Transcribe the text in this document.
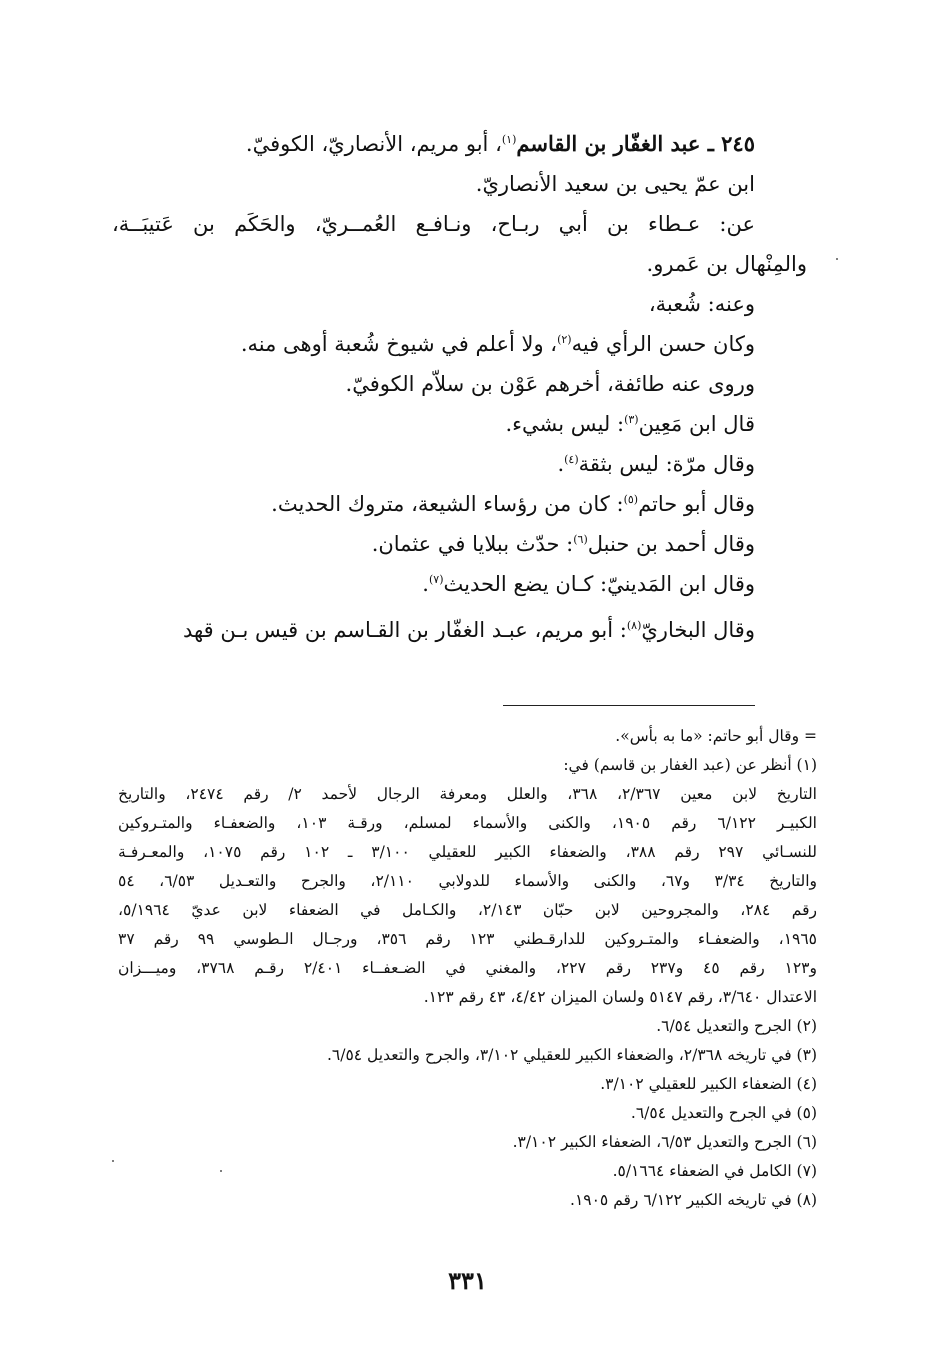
٢٤٥ ـ عبد الغفّار بن القاسم$^{(١)}$، أبو مريم، الأنصاريّ، الكوفيّ.
ابن عمّ يحيى بن سعيد الأنصاريّ.
عن: عـطاء بن أبي ربـاح، ونـافـع العُمــريّ، والحَكَم بن عَتيبَــة،
والمِنْهال بن عَمرو.
وعنه: شُعبة،
وكان حسن الرأي فيه$^{(٢)}$، ولا أعلم في شيوخ شُعبة أوهى منه.
وروى عنه طائفة، أخرهم عَوْن بن سلاّم الكوفيّ.
قال ابن مَعِين$^{(٣)}$: ليس بشيء.
وقال مرّة: ليس بثقة$^{(٤)}$.
وقال أبو حاتم$^{(٥)}$: كان من رؤساء الشيعة، متروك الحديث.
وقال أحمد بن حنبل$^{(٦)}$: حدّث ببلايا في عثمان.
وقال ابن المَدينيّ: كـان يضع الحديث$^{(٧)}$.
وقال البخاريّ$^{(٨)}$: أبو مريم، عبـد الغفّار بن القـاسم بن قيس بـن قهد
= وقال أبو حاتم: «ما به بأس».
(١) أنظر عن (عبد الغفار بن قاسم) في:
التاريخ لابن معين ٢/٣٦٧، ٣٦٨، والعلل ومعرفة الرجال لأحمد ٢/ رقم ٢٤٧٤، والتاريخ
الكبيـر ٦/١٢٢ رقم ١٩٠٥، والكنى والأسماء لمسلم، ورقـة ١٠٣، والضعفـاء والمتـروكين
للنسـائي ٢٩٧ رقم ٣٨٨، والضعفاء الكبير للعقيلي ٣/١٠٠ ـ ١٠٢ رقم ١٠٧٥، والمعـرفـة
والتاريخ ٣/٣٤ و٦٧، والكنى والأسماء للدولابي ٢/١١٠، والجرح والتعـديل ٦/٥٣، ٥٤
رقم ٢٨٤، والمجروحين لابن حبّان ٢/١٤٣، والكـامل في الضعفاء لابن عديّ ٥/١٩٦٤،
١٩٦٥، والضعفـاء والمتـروكين للدارقـطني ١٢٣ رقم ٣٥٦، ورجـال الـطوسي ٩٩ رقم ٣٧
و١٢٣ رقم ٤٥ و٢٣٧ رقم ٢٢٧، والمغني في الضـعفــاء ٢/٤٠١ رقـم ٣٧٦٨، وميـــزان
الاعتدال ٣/٦٤٠، رقم ٥١٤٧ ولسان الميزان ٤/٤٢، ٤٣ رقم ١٢٣.
(٢) الجرح والتعديل ٦/٥٤.
(٣) في تاريخه ٢/٣٦٨، والضعفاء الكبير للعقيلي ٣/١٠٢، والجرح والتعديل ٦/٥٤.
(٤) الضعفاء الكبير للعقيلي ٣/١٠٢.
(٥) في الجرح والتعديل ٦/٥٤.
(٦) الجرح والتعديل ٦/٥٣، الضعفاء الكبير ٣/١٠٢.
(٧) الكامل في الضعفاء ٥/١٦٦٤.
(٨) في تاريخه الكبير ٦/١٢٢ رقم ١٩٠٥.
٣٣١
